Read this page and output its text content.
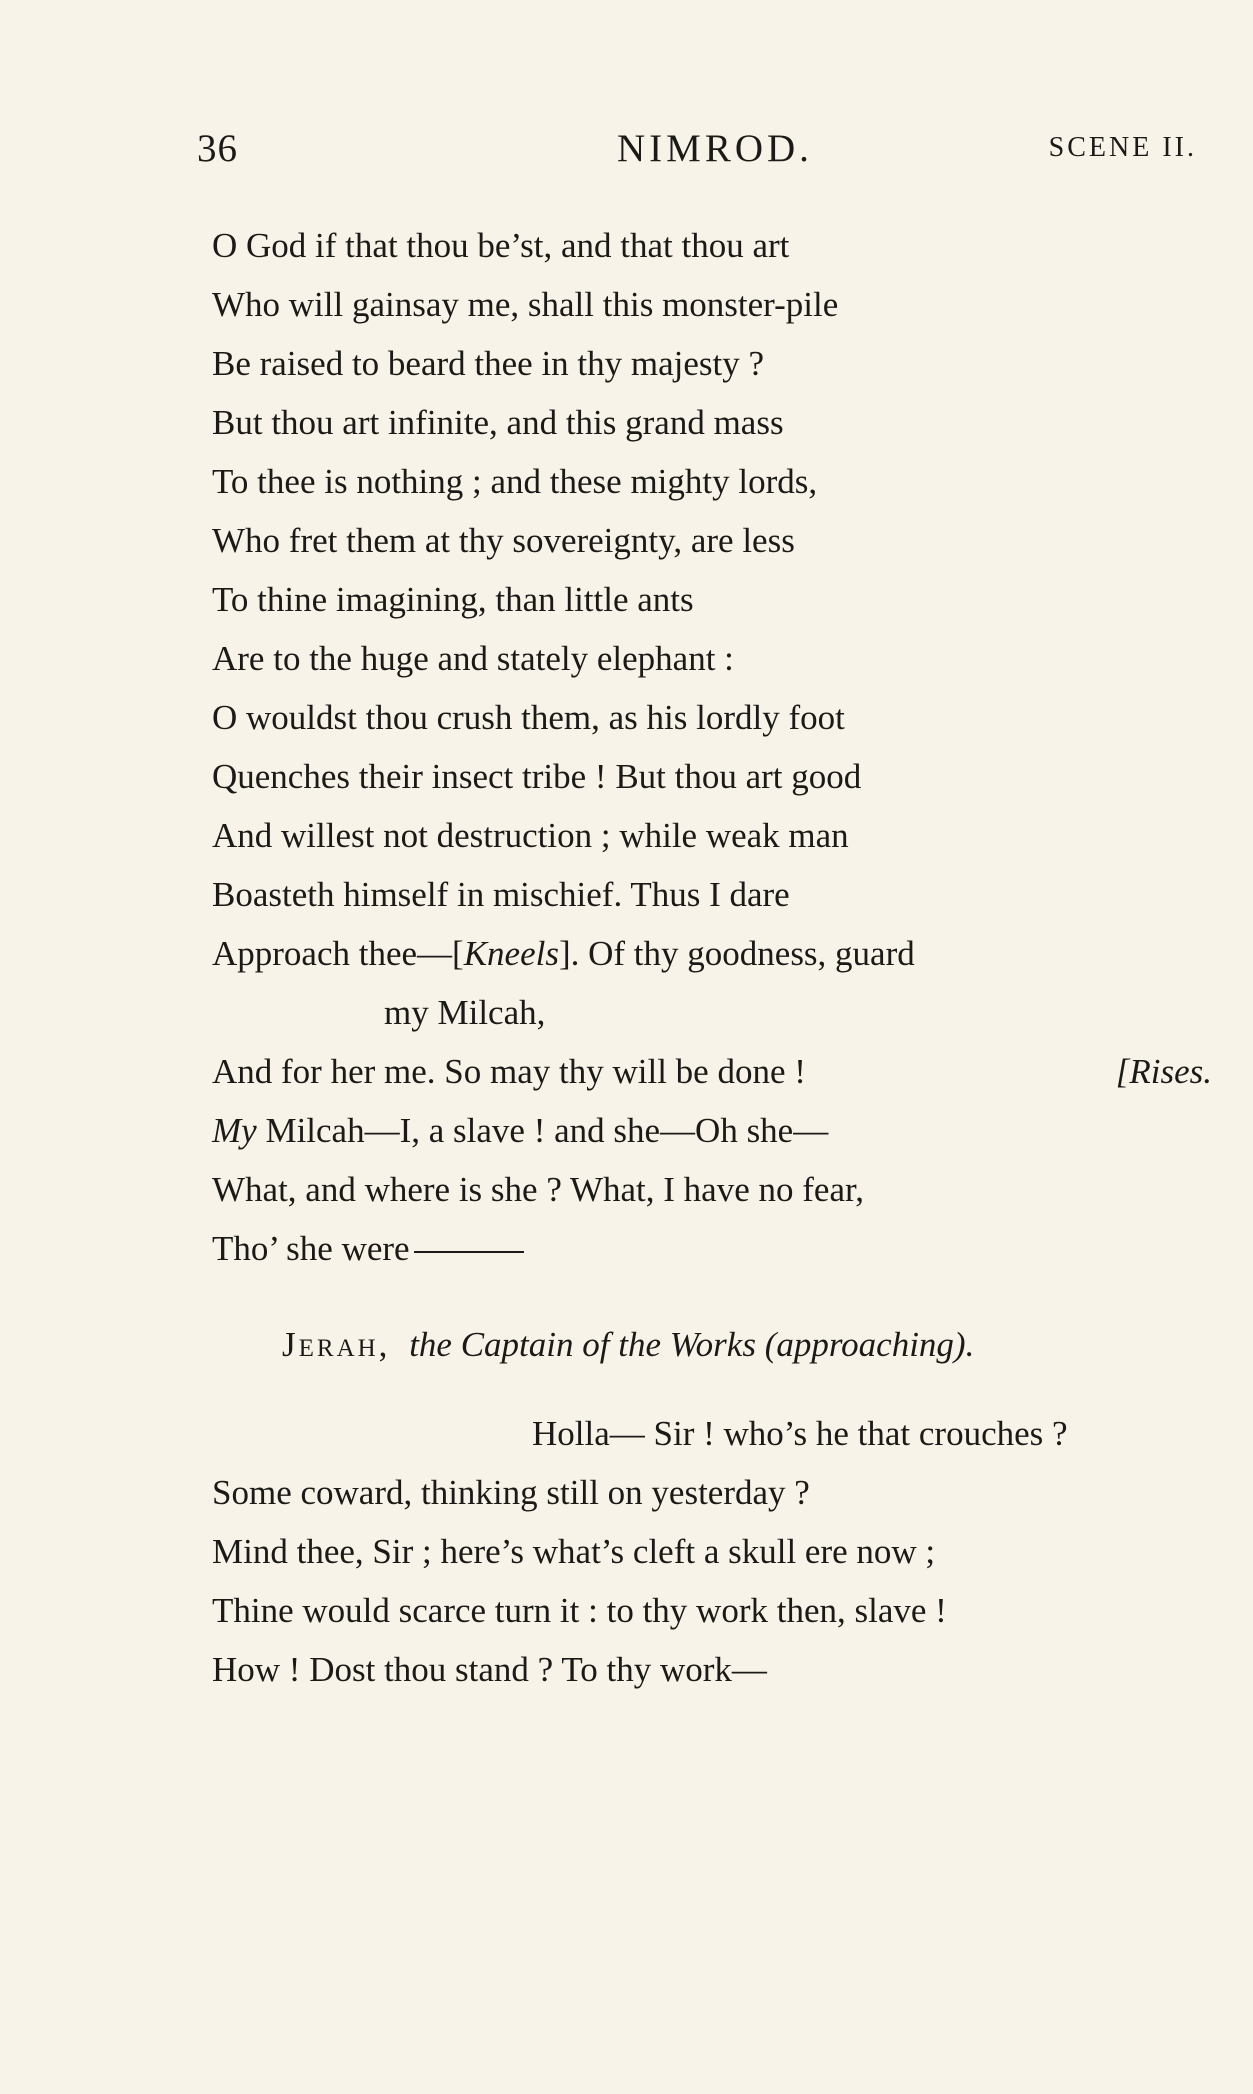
36	NIMROD.	SCENE II.
O God if that thou be’st, and that thou art
Who will gainsay me, shall this monster-pile
Be raised to beard thee in thy majesty ?
But thou art infinite, and this grand mass
To thee is nothing ; and these mighty lords,
Who fret them at thy sovereignty, are less
To thine imagining, than little ants
Are to the huge and stately elephant :
O wouldst thou crush them, as his lordly foot
Quenches their insect tribe ! But thou art good
And willest not destruction ; while weak man
Boasteth himself in mischief. Thus I dare
Approach thee—[Kneels]. Of thy goodness, guard
my Milcah,
And for her me. So may thy will be done !	[Rises.
My Milcah—I, a slave ! and she—Oh she—
What, and where is she ? What, I have no fear,
Tho’ she were
Jerah, the Captain of the Works (approaching).
Holla— Sir ! who’s he that crouches ?
Some coward, thinking still on yesterday ?
Mind thee, Sir ; here’s what’s cleft a skull ere now ;
Thine would scarce turn it : to thy work then, slave !
How ! Dost thou stand ? To thy work—
